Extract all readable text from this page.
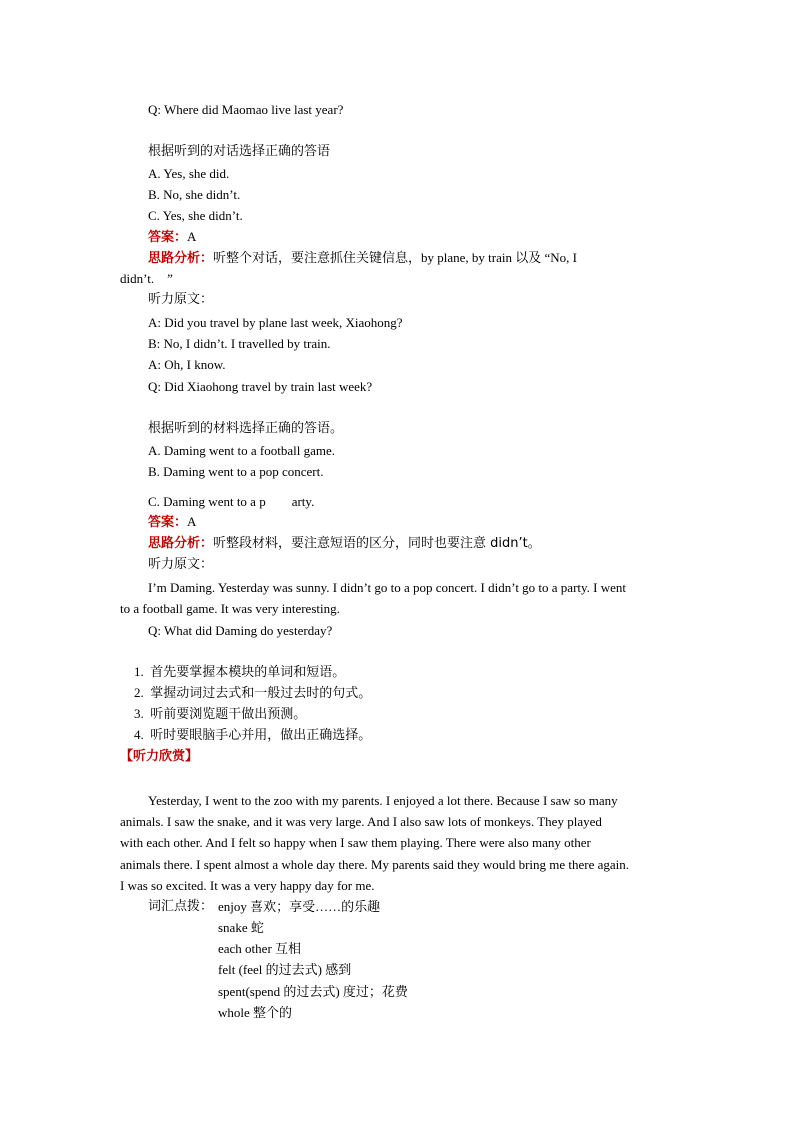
Q: Where did Maomao live last year?
根据听到的对话选择正确的答语
A. Yes, she did.
B. No, she didn’t.
C. Yes, she didn’t.
答案：A
思路分析：听整个对话，要注意抓住关键信息，by plane, by train 以及 “No, I
didn’t.　”
听力原文：
A: Did you travel by plane last week, Xiaohong?
B: No, I didn’t. I travelled by train.
A: Oh, I know.
Q: Did Xiaohong travel by train last week?
根据听到的材料选择正确的答语。
A. Daming went to a football game.
B. Daming went to a pop concert.
C. Daming went to a p　　arty.
答案：A
思路分析：听整段材料，要注意短语的区分，同时也要注意 didn’t。
听力原文：
I’m Daming. Yesterday was sunny. I didn’t go to a pop concert. I didn’t go to a party. I went
to a football game. It was very interesting.
Q: What did Daming do yesterday?
1. 首先要掌握本模块的单词和短语。
2. 掌握动词过去式和一般过去时的句式。
3. 听前要浏览题干做出预测。
4. 听时要眼脑手心并用，做出正确选择。
【听力欣赏】
Yesterday, I went to the zoo with my parents. I enjoyed a lot there. Because I saw so many
animals. I saw the snake, and it was very large. And I also saw lots of monkeys. They played
with each other. And I felt so happy when I saw them playing. There were also many other
animals there. I spent almost a whole day there. My parents said they would bring me there again.
I was so excited. It was a very happy day for me.
词汇点拨： enjoy 喜欢；享受……的乐趣
snake 蛇
each other 互相
felt (feel 的过去式) 感到
spent(spend 的过去式) 度过；花费
whole 整个的
